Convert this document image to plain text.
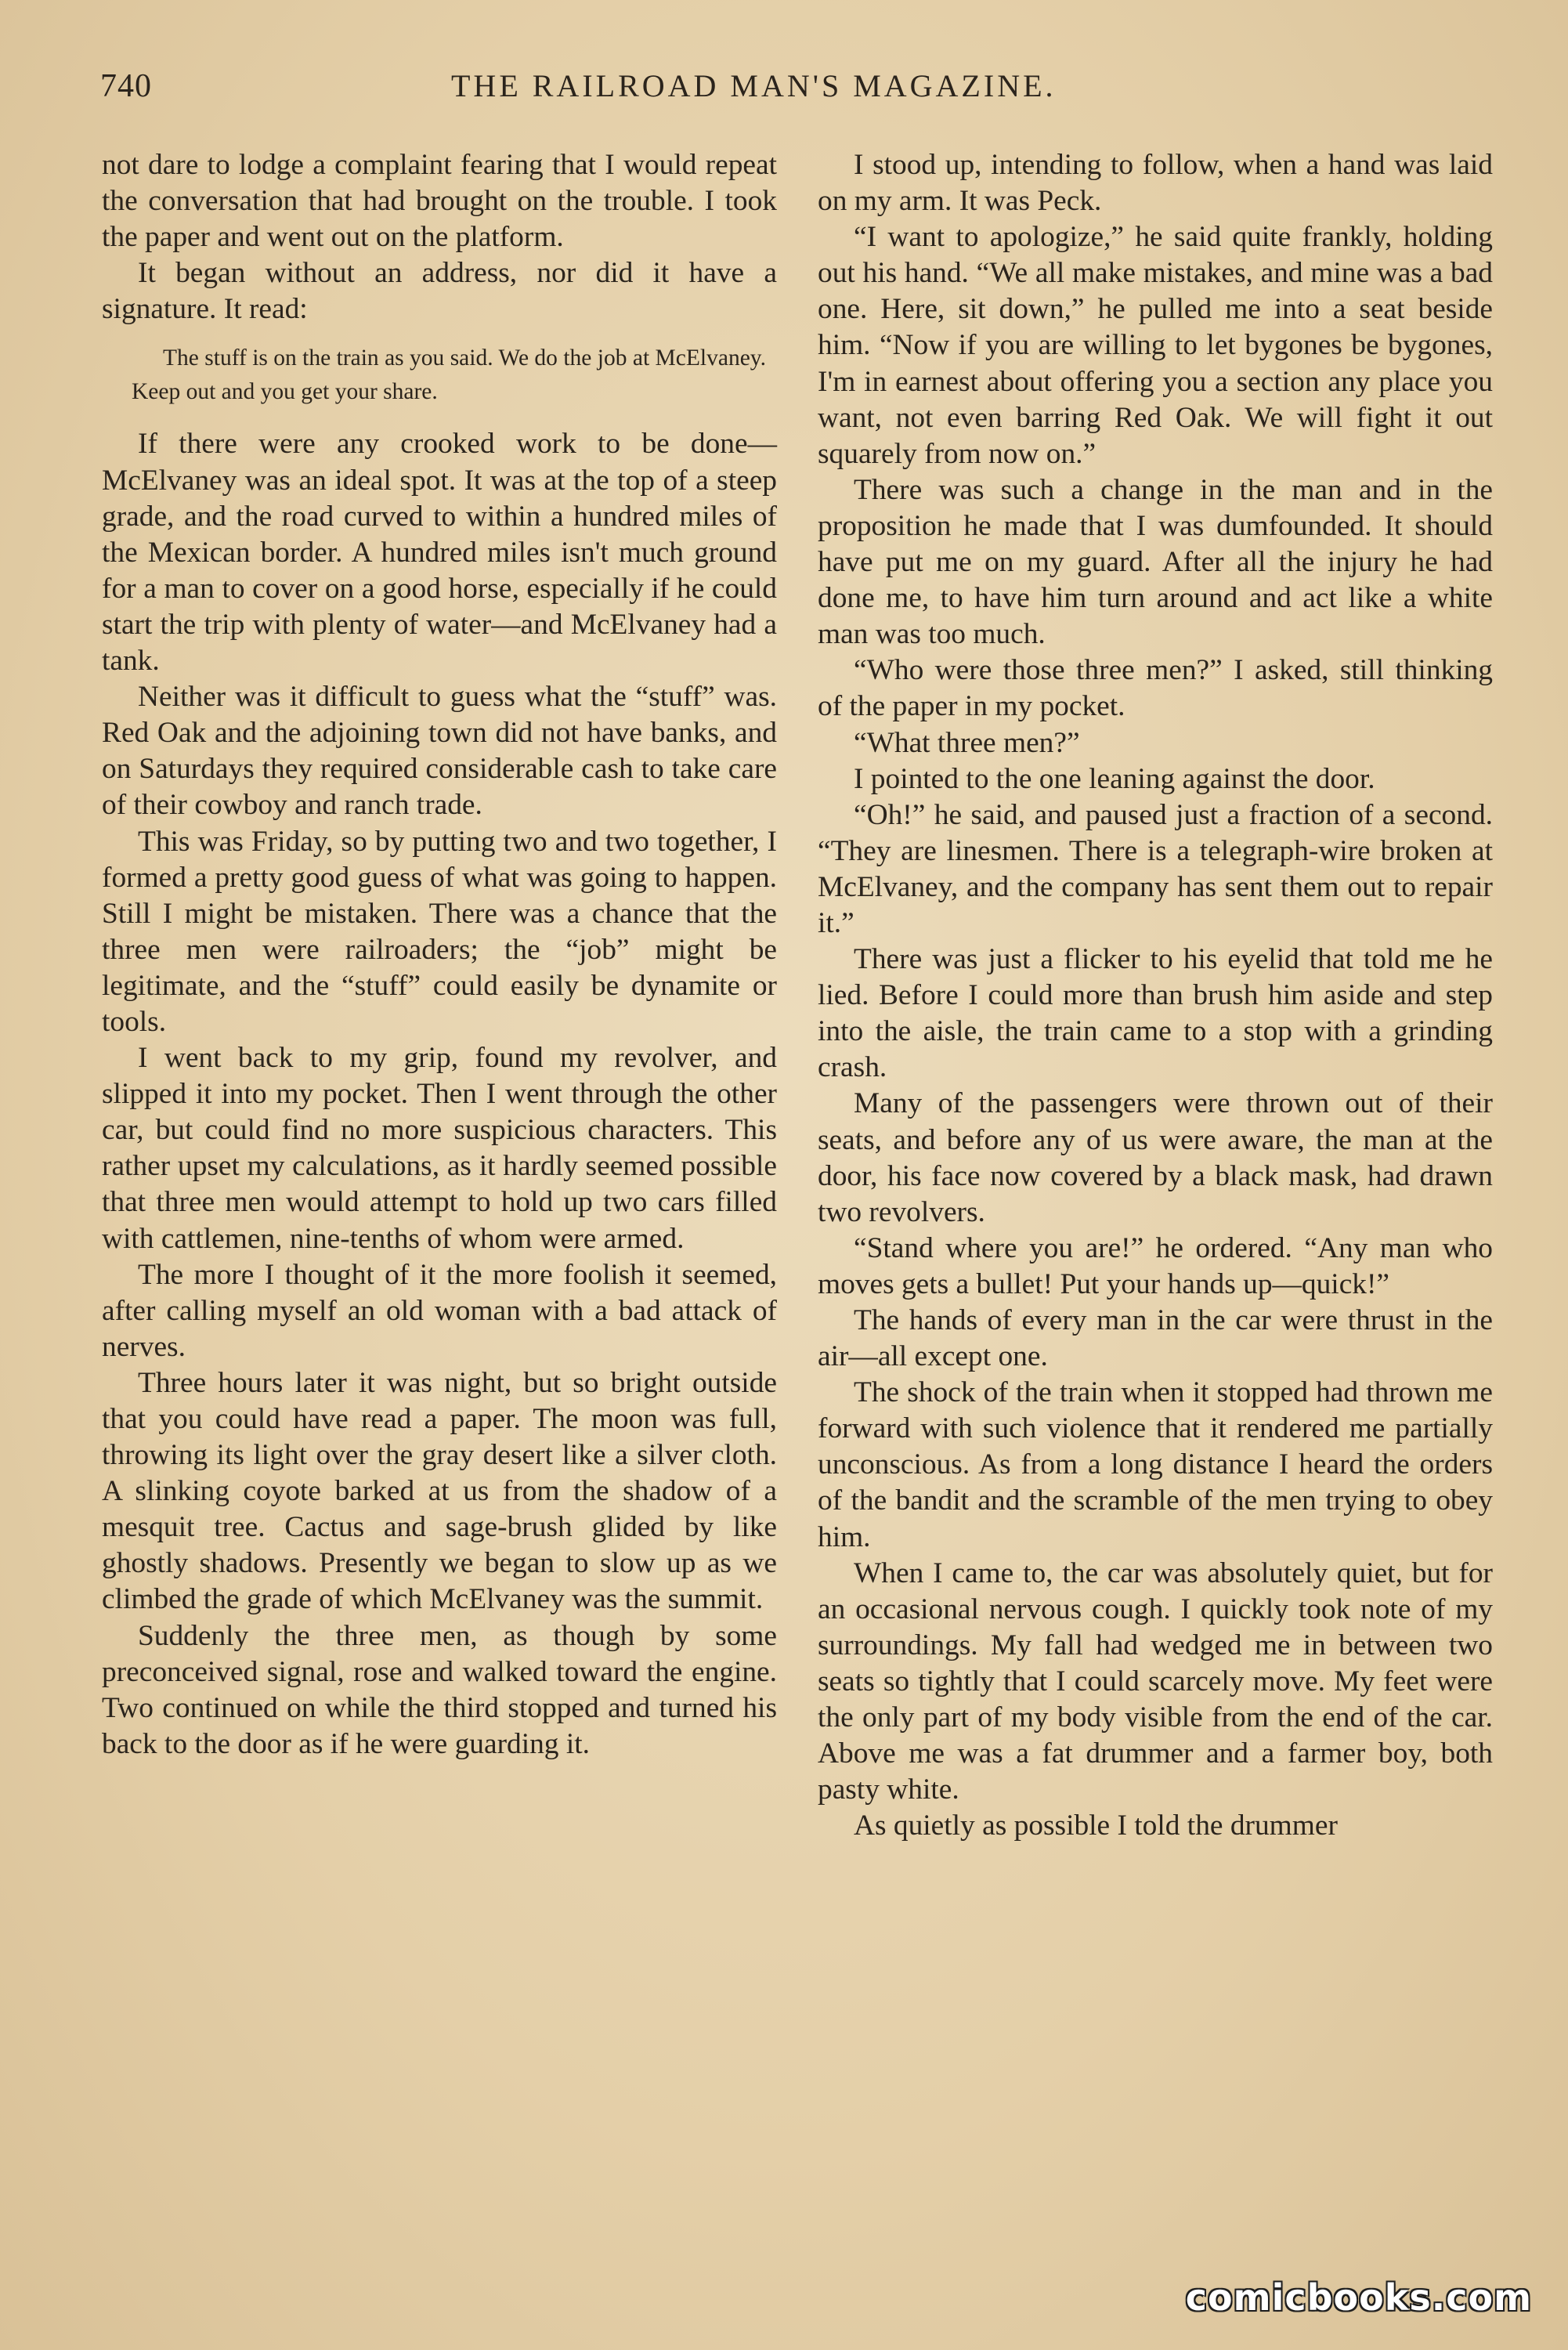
740	THE RAILROAD MAN'S MAGAZINE.

not dare to lodge a complaint fearing that I would repeat the conversation that had brought on the trouble. I took the paper and went out on the platform.

It began without an address, nor did it have a signature. It read:

The stuff is on the train as you said. We do the job at McElvaney. Keep out and you get your share.

If there were any crooked work to be done—McElvaney was an ideal spot. It was at the top of a steep grade, and the road curved to within a hundred miles of the Mexican border. A hundred miles isn't much ground for a man to cover on a good horse, especially if he could start the trip with plenty of water—and McElvaney had a tank.

Neither was it difficult to guess what the “stuff” was. Red Oak and the adjoining town did not have banks, and on Saturdays they required considerable cash to take care of their cowboy and ranch trade.

This was Friday, so by putting two and two together, I formed a pretty good guess of what was going to happen. Still I might be mistaken. There was a chance that the three men were railroaders; the “job” might be legitimate, and the “stuff” could easily be dynamite or tools.

I went back to my grip, found my revolver, and slipped it into my pocket. Then I went through the other car, but could find no more suspicious characters. This rather upset my calculations, as it hardly seemed possible that three men would attempt to hold up two cars filled with cattlemen, nine-tenths of whom were armed.

The more I thought of it the more foolish it seemed, after calling myself an old woman with a bad attack of nerves.

Three hours later it was night, but so bright outside that you could have read a paper. The moon was full, throwing its light over the gray desert like a silver cloth. A slinking coyote barked at us from the shadow of a mesquit tree. Cactus and sage-brush glided by like ghostly shadows. Presently we began to slow up as we climbed the grade of which McElvaney was the summit.

Suddenly the three men, as though by some preconceived signal, rose and walked toward the engine. Two continued on while the third stopped and turned his back to the door as if he were guarding it.

I stood up, intending to follow, when a hand was laid on my arm. It was Peck.

“I want to apologize,” he said quite frankly, holding out his hand. “We all make mistakes, and mine was a bad one. Here, sit down,” he pulled me into a seat beside him. “Now if you are willing to let bygones be bygones, I'm in earnest about offering you a section any place you want, not even barring Red Oak. We will fight it out squarely from now on.”

There was such a change in the man and in the proposition he made that I was dumfounded. It should have put me on my guard. After all the injury he had done me, to have him turn around and act like a white man was too much.

“Who were those three men?” I asked, still thinking of the paper in my pocket.

“What three men?”

I pointed to the one leaning against the door.

“Oh!” he said, and paused just a fraction of a second. “They are linesmen. There is a telegraph-wire broken at McElvaney, and the company has sent them out to repair it.”

There was just a flicker to his eyelid that told me he lied. Before I could more than brush him aside and step into the aisle, the train came to a stop with a grinding crash.

Many of the passengers were thrown out of their seats, and before any of us were aware, the man at the door, his face now covered by a black mask, had drawn two revolvers.

“Stand where you are!” he ordered. “Any man who moves gets a bullet! Put your hands up—quick!”

The hands of every man in the car were thrust in the air—all except one.

The shock of the train when it stopped had thrown me forward with such violence that it rendered me partially unconscious. As from a long distance I heard the orders of the bandit and the scramble of the men trying to obey him.

When I came to, the car was absolutely quiet, but for an occasional nervous cough. I quickly took note of my surroundings. My fall had wedged me in between two seats so tightly that I could scarcely move. My feet were the only part of my body visible from the end of the car. Above me was a fat drummer and a farmer boy, both pasty white.

As quietly as possible I told the drummer

comicbooks.com
